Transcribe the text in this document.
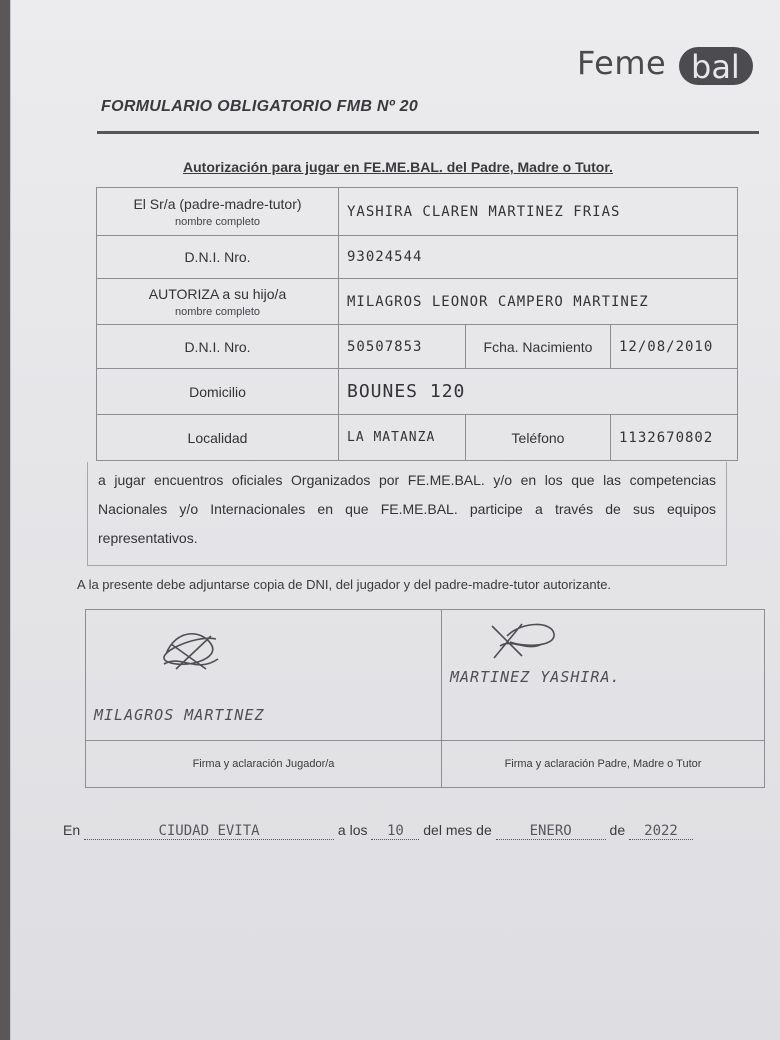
Feme bal
FORMULARIO OBLIGATORIO FMB Nº 20
Autorización para jugar en FE.ME.BAL. del Padre, Madre o Tutor.
El Sr/a (padre-madre-tutor)
nombre completo	YASHIRA CLAREN MARTINEZ FRIAS		
D.N.I. Nro.	93024544		
AUTORIZA a su hijo/a
nombre completo	MILAGROS LEONOR CAMPERO MARTINEZ		
D.N.I. Nro.	50507853	Fcha. Nacimiento	12/08/2010
Domicilio	BOUNES 120		
Localidad	LA MATANZA	Teléfono	1132670802
a jugar encuentros oficiales Organizados por FE.ME.BAL. y/o en los que las competencias Nacionales y/o Internacionales en que FE.ME.BAL. participe a través de sus equipos representativos.
A la presente debe adjuntarse copia de DNI, del jugador y del padre-madre-tutor autorizante.
MILAGROS MARTINEZ	MARTINEZ YASHIRA.

Firma y aclaración Jugador/a	Firma y aclaración Padre, Madre o Tutor
En	CIUDAD EVITA	a los 10 del mes de	ENERO	de 2022
